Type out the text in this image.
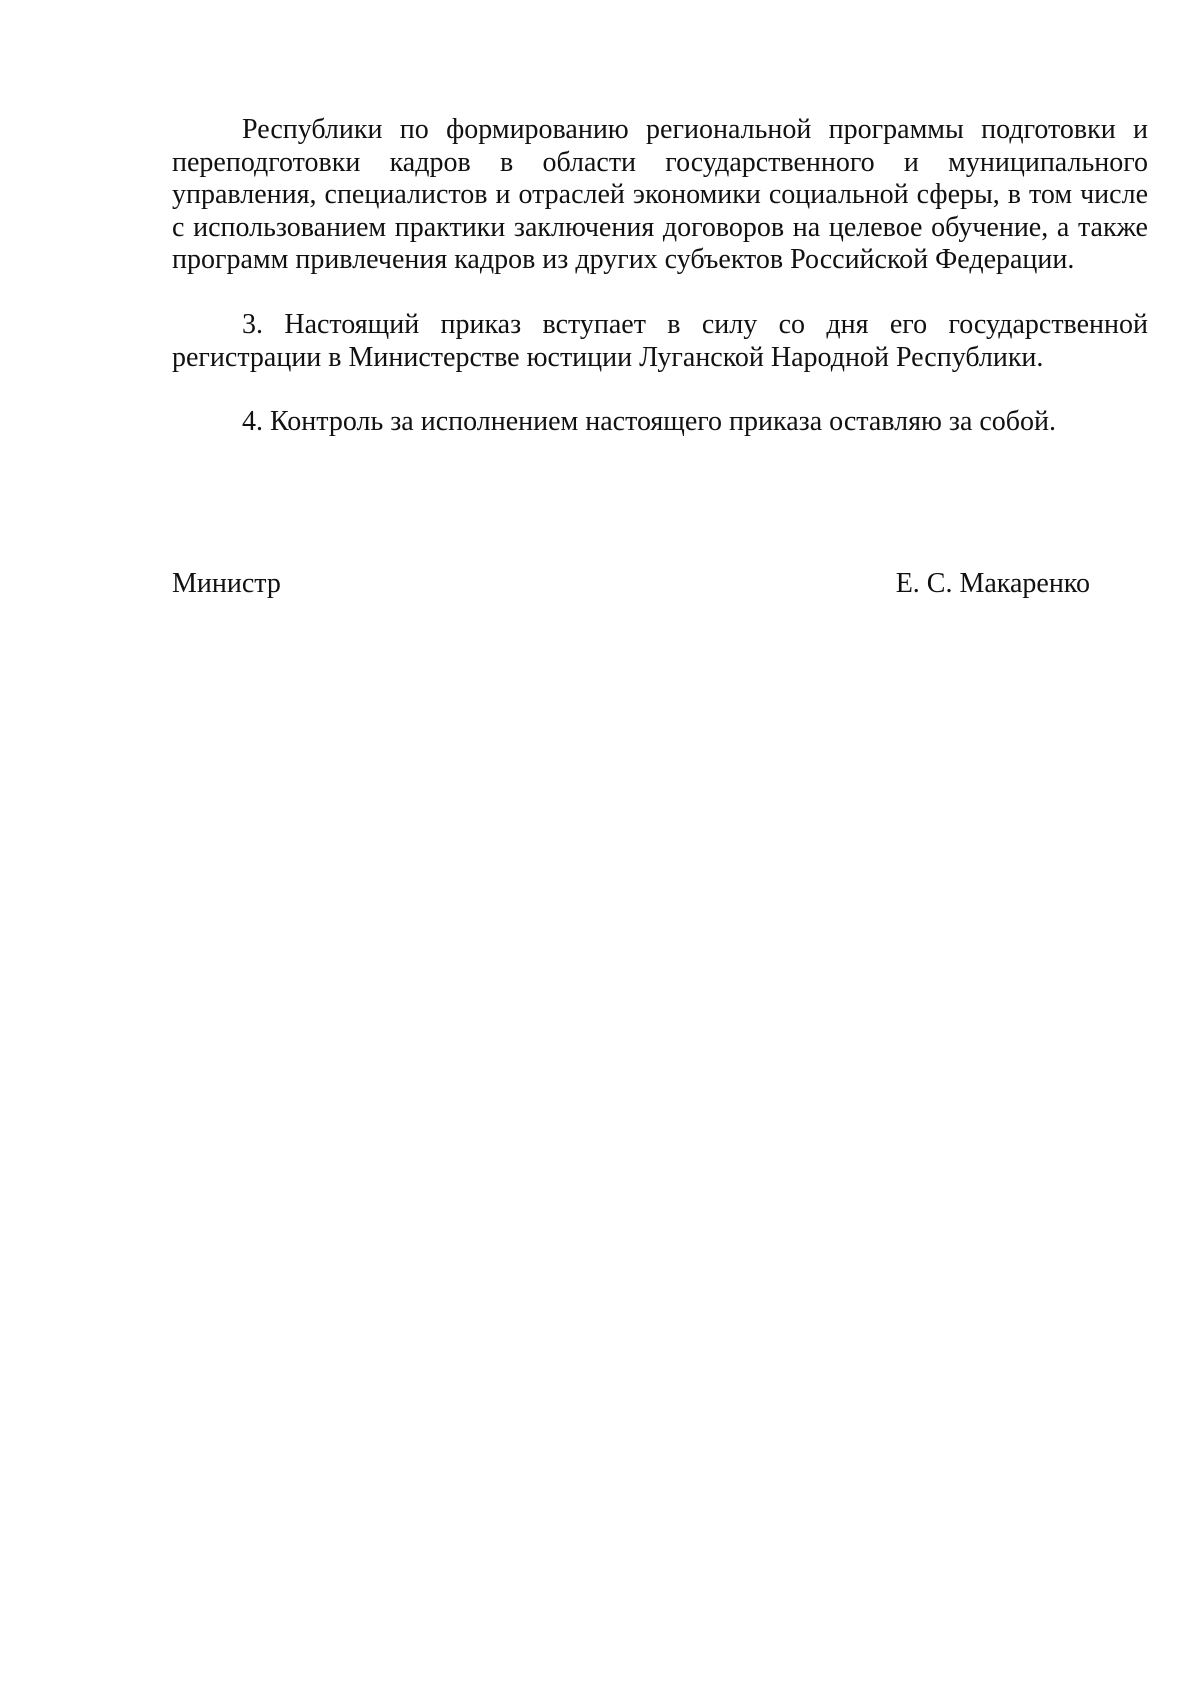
Республики по формированию региональной программы подготовки и переподготовки кадров в области государственного и муниципального управления, специалистов и отраслей экономики социальной сферы, в том числе с использованием практики заключения договоров на целевое обучение, а также программ привлечения кадров из других субъектов Российской Федерации.

3. Настоящий приказ вступает в силу со дня его государственной регистрации в Министерстве юстиции Луганской Народной Республики.

4. Контроль за исполнением настоящего приказа оставляю за собой.

Министр	Е. С. Макаренко
